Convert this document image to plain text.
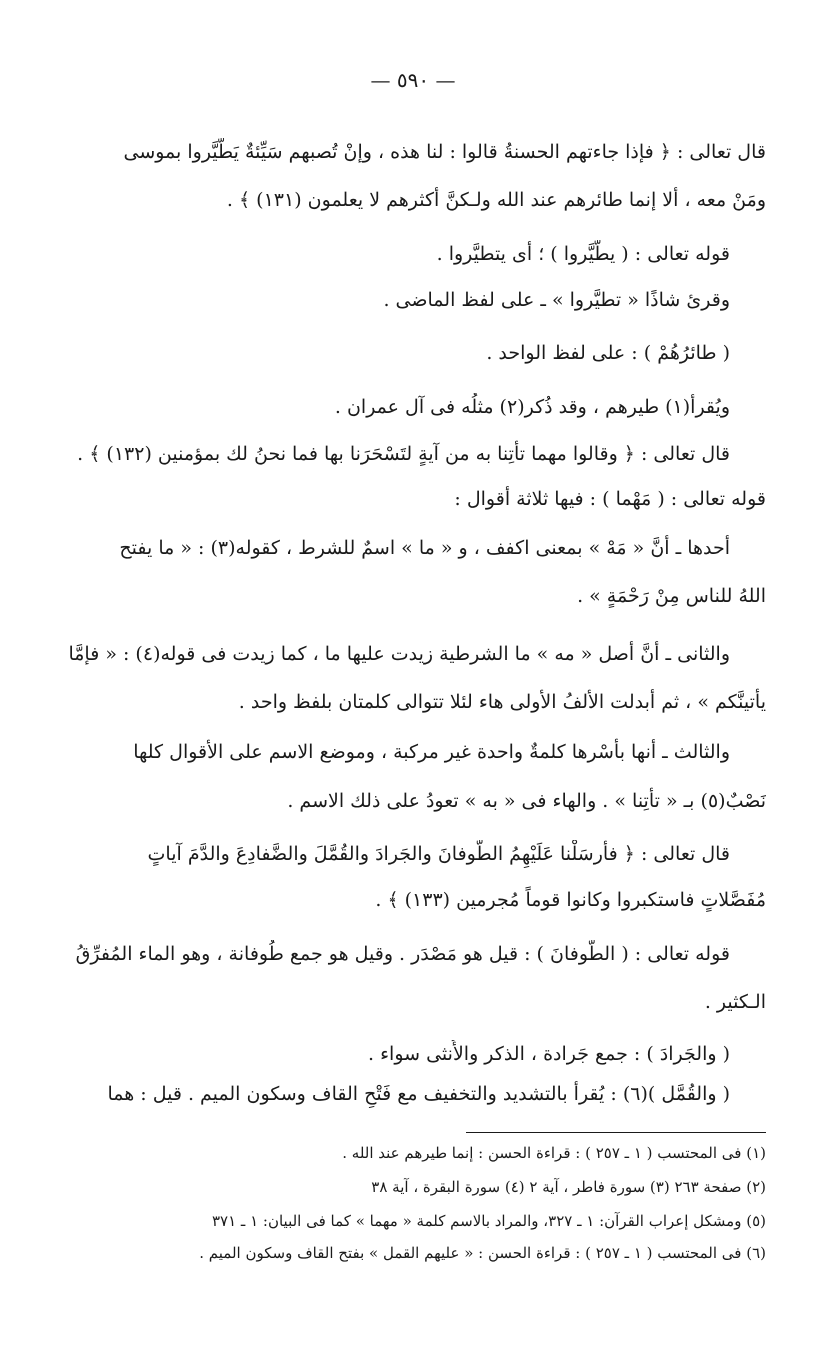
— ٥٩٠ —
قال تعالى : ﴿ فإذا جاءتهم الحسنةُ قالوا : لنا هذه ، وإنْ تُصبهم سَيِّئةٌ يَطَّيَّروا بموسى
ومَنْ معه ، ألا إنما طائرهم عند الله ولـكنَّ أكثرهم لا يعلمون (١٣١) ﴾ .
قوله تعالى : ( يطَّيَّروا ) ؛ أى يتطيَّروا .
وقرئ شاذًا « تطيَّروا » ـ على لفظ الماضى .
( طائرُهُمْ ) : على لفظ الواحد .
ويُقرأ(١) طيرهم ، وقد ذُكر(٢) مثلُه فى آل عمران .
قال تعالى : ﴿ وقالوا مهما تأتِنا به من آيةٍ لتَسْحَرَنا بها فما نحنُ لك بمؤمنين (١٣٢) ﴾ .
قوله تعالى : ( مَهْما ) : فيها ثلاثة أقوال :
أحدها ـ أنَّ « مَهْ » بمعنى اكفف ، و « ما » اسمٌ للشرط ، كقوله(٣) : « ما يفتح
اللهُ للناس مِنْ رَحْمَةٍ » .
والثانى ـ أنَّ أصل « مه » ما الشرطية زيدت عليها ما ، كما زيدت فى قوله(٤) : « فإمَّا
يأتينَّكم » ، ثم أبدلت الألفُ الأولى هاء لئلا تتوالى كلمتان بلفظ واحد .
والثالث ـ أنها بأسْرها كلمةٌ واحدة غير مركبة ، وموضع الاسم على الأقوال كلها
نَصْبٌ(٥) بـ « تأتِنا » . والهاء فى « به » تعودُ على ذلك الاسم .
قال تعالى : ﴿ فأرسَلْنا عَلَيْهِمُ الطُّوفانَ والجَرادَ والقُمَّلَ والضَّفادِعَ والدَّمَ آياتٍ
مُفَصَّلاتٍ فاستكبروا وكانوا قوماً مُجرمين (١٣٣) ﴾ .
قوله تعالى : ( الطُّوفانَ ) : قيل هو مَصْدَر . وقيل هو جمع طُوفانة ، وهو الماء المُفرِّقُ
الـكثير .
( والجَرادَ ) : جمع جَرادة ، الذكر والأُنثى سواء .
( والقُمَّل )(٦) : يُقرأ بالتشديد والتخفيف مع فَتْحِ القاف وسكون الميم . قيل : هما
(١) فى المحتسب ( ١ ـ ٢٥٧ ) : قراءة الحسن : إنما طيرهم عند الله .
(٢) صفحة ٢٦٣ (٣) سورة فاطر ، آية ٢ (٤) سورة البقرة ، آية ٣٨
(٥) ومشكل إعراب القرآن: ١ ـ ٣٢٧، والمراد بالاسم كلمة « مهما » كما فى البيان: ١ ـ ٣٧١
(٦) فى المحتسب ( ١ ـ ٢٥٧ ) : قراءة الحسن : « عليهم القمل » بفتح القاف وسكون الميم .
